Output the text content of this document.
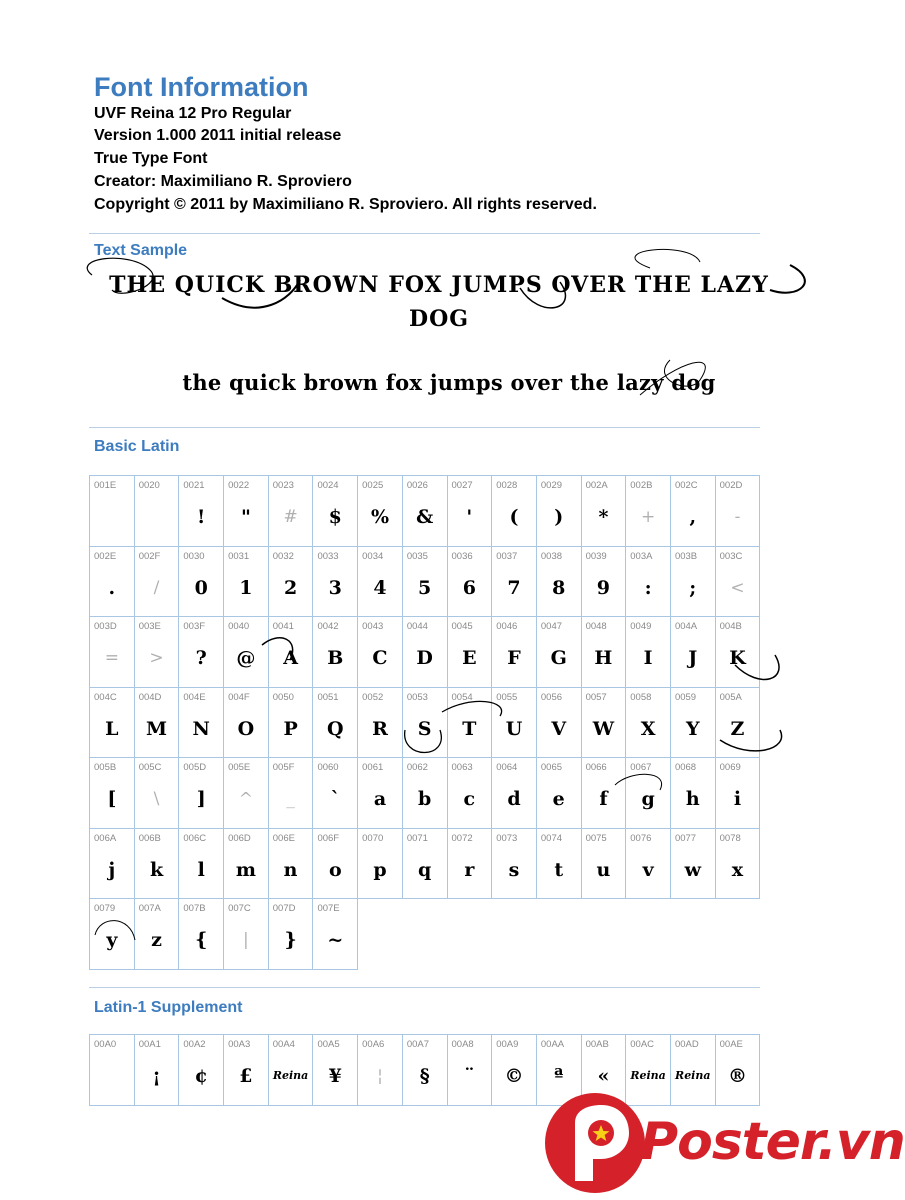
Font Information
UVF Reina 12 Pro Regular
Version 1.000 2011 initial release
True Type Font
Creator: Maximiliano R. Sproviero
Copyright © 2011 by Maximiliano R. Sproviero. All rights reserved.
Text Sample
THE QUICK BROWN FOX JUMPS OVER THE LAZY DOG
the quick brown fox jumps over the lazy dog
Basic Latin
001E 0020 0021
!
0022
"
0023
#
0024
$
0025
%
0026
&
0027
'
0028
(
0029
)
002A
*
002B
+
002C
,
002D
-
002E
.
002F
/
0030
0
0031
1
0032
2
0033
3
0034
4
0035
5
0036
6
0037
7
0038
8
0039
9
003A
:
003B
;
003C
<
003D
=
003E
>
003F
?
0040
@
0041
A
0042
B
0043
C
0044
D
0045
E
0046
F
0047
G
0048
H
0049
I
004A
J
004B
K
004C
L
004D
M
004E
N
004F
O
0050
P
0051
Q
0052
R
0053
S
0054
T
0055
U
0056
V
0057
W
0058
X
0059
Y
005A
Z
005B
[
005C
\
005D
]
005E
^
005F
_
0060
`
0061
a
0062
b
0063
c
0064
d
0065
e
0066
f
0067
g
0068
h
0069
i
006A
j
006B
k
006C
l
006D
m
006E
n
006F
o
0070
p
0071
q
0072
r
0073
s
0074
t
0075
u
0076
v
0077
w
0078
x
0079
y
007A
z
007B
{
007C
|
007D
}
007E
~
Latin-1 Supplement
00A0 00A1
¡
00A2
¢
00A3
£
00A4
Reina
00A5
¥
00A6
¦
00A7
§
00A8
¨
00A9
©
00AA
ª
00AB
«
00AC
Reina
00AD
Reina
00AE
®
Poster.vn
